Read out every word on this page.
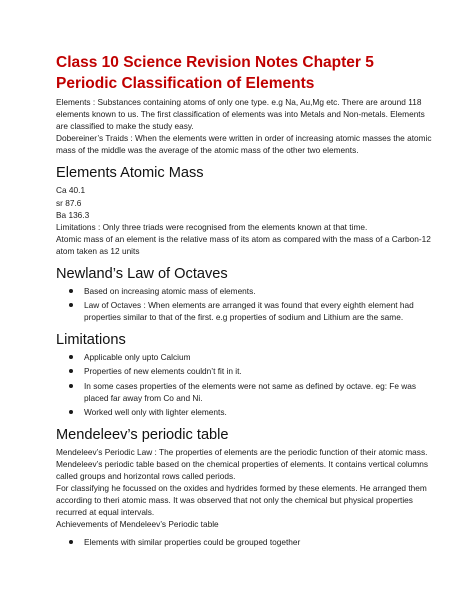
Class 10 Science Revision Notes Chapter 5 Periodic Classification of Elements

Elements : Substances containing atoms of only one type. e.g Na, Au,Mg etc. There are around 118 elements known to us. The first classification of elements was into Metals and Non-metals. Elements are classified to make the study easy.

Dobereiner’s Traids : When the elements were written in order of increasing atomic masses the atomic mass of the middle was the average of the atomic mass of the other two elements.

Elements Atomic Mass

Ca 40.1

sr 87.6

Ba 136.3

Limitations : Only three triads were recognised from the elements known at that time.

Atomic mass of an element is the relative mass of its atom as compared with the mass of a Carbon-12 atom taken as 12 units

Newland’s Law of Octaves
Based on increasing atomic mass of elements.
Law of Octaves : When elements are arranged it was found that every eighth element had properties similar to that of the first. e.g properties of sodium and Lithium are the same.
Limitations
Applicable only upto Calcium
Properties of new elements couldn’t fit in it.
In some cases properties of the elements were not same as defined by octave. eg: Fe was placed far away from Co and Ni.
Worked well only with lighter elements.
Mendeleev’s periodic table

Mendeleev’s Periodic Law : The properties of elements are the periodic function of their atomic mass.

Mendeleev’s periodic table based on the chemical properties of elements. It contains vertical columns called groups and horizontal rows called periods.

For classifying he focussed on the oxides and hydrides formed by these elements. He arranged them according to theri atomic mass. It was observed that not only the chemical but physical properties recurred at equal intervals.

Achievements of Mendeleev’s Periodic table

Elements with similar properties could be grouped together
